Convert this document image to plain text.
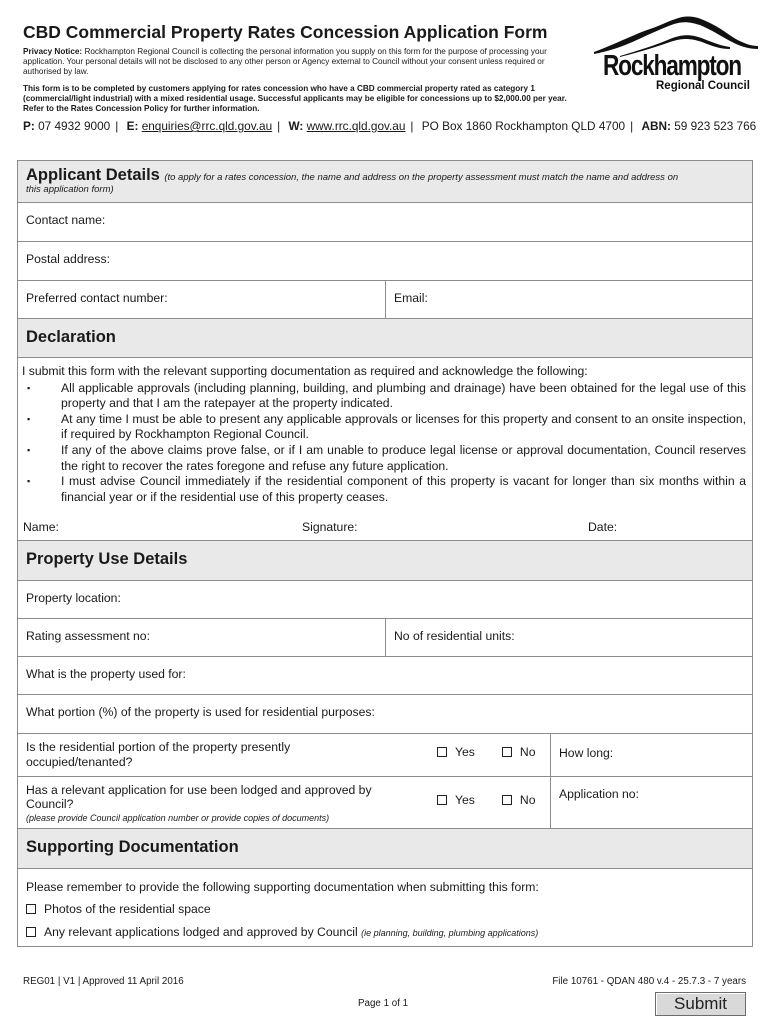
CBD Commercial Property Rates Concession Application Form
Privacy Notice: Rockhampton Regional Council is collecting the personal information you supply on this form for the purpose of processing your application. Your personal details will not be disclosed to any other person or Agency external to Council without your consent unless required or authorised by law.
This form is to be completed by customers applying for rates concession who have a CBD commercial property rated as category 1 (commercial/light industrial) with a mixed residential usage. Successful applicants may be eligible for concessions up to $2,000.00 per year. Refer to the Rates Concession Policy for further information.
Rockhampton
Regional Council
P: 07 4932 9000 | E: enquiries@rrc.qld.gov.au | W: www.rrc.qld.gov.au | PO Box 1860 Rockhampton QLD 4700 | ABN: 59 923 523 766
Applicant Details (to apply for a rates concession, the name and address on the property assessment must match the name and address on
this application form)
Contact name:
Postal address:
Preferred contact number:	Email:
Declaration
I submit this form with the relevant supporting documentation as required and acknowledge the following:
▪	All applicable approvals (including planning, building, and plumbing and drainage) have been obtained for the legal use of this property and that I am the ratepayer at the property indicated.
▪	At any time I must be able to present any applicable approvals or licenses for this property and consent to an onsite inspection, if required by Rockhampton Regional Council.
▪	If any of the above claims prove false, or if I am unable to produce legal license or approval documentation, Council reserves the right to recover the rates foregone and refuse any future application.
▪	I must advise Council immediately if the residential component of this property is vacant for longer than six months within a financial year or if the residential use of this property ceases.
Name:	Signature:	Date:
Property Use Details
Property location:
Rating assessment no:	No of residential units:
What is the property used for:
What portion (%) of the property is used for residential purposes:
Is the residential portion of the property presently occupied/tenanted?
Yes	No	How long:
Has a relevant application for use been lodged and approved by Council?
(please provide Council application number or provide copies of documents)
Yes	No	Application no:
Supporting Documentation
Please remember to provide the following supporting documentation when submitting this form:
Photos of the residential space
Any relevant applications lodged and approved by Council (ie planning, building, plumbing applications)
REG01 | V1 | Approved 11 April 2016	File 10761 - QDAN 480 v.4 - 25.7.3 - 7 years
Page 1 of 1	Submit
